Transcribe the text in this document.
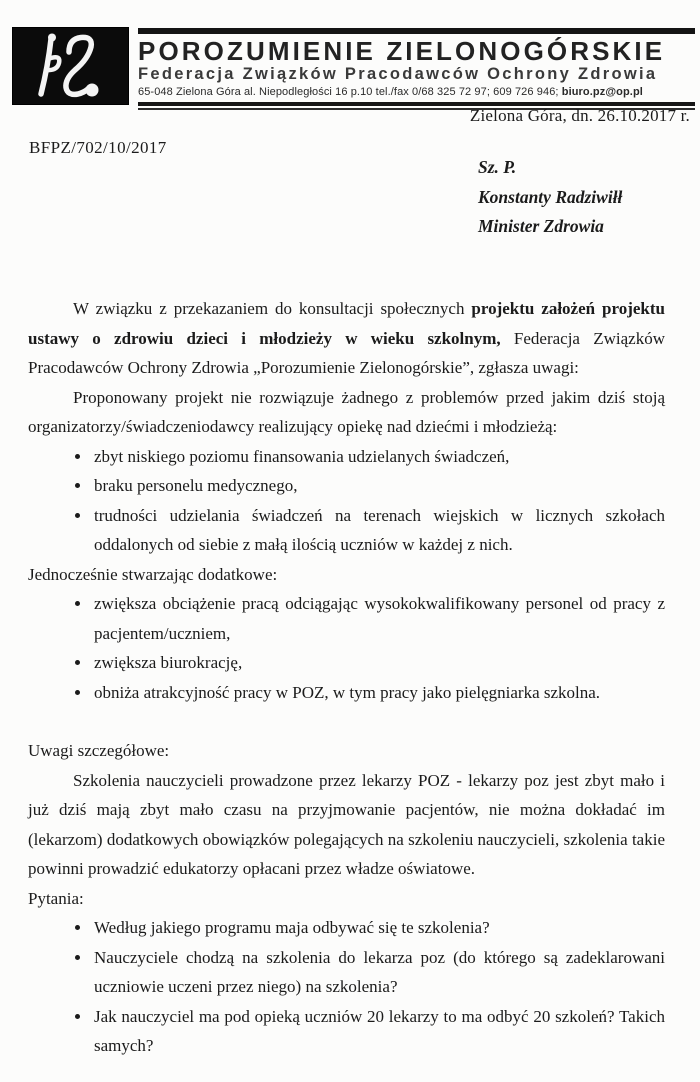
POROZUMIENIE ZIELONOGÓRSKIE
Federacja Związków Pracodawców Ochrony Zdrowia
65-048 Zielona Góra al. Niepodległości 16 p.10 tel./fax 0/68 325 72 97; 609 726 946; biuro.pz@op.pl
Zielona Góra, dn. 26.10.2017 r.
BFPZ/702/10/2017
Sz. P.
Konstanty Radziwiłł
Minister Zdrowia

W związku z przekazaniem do konsultacji społecznych projektu założeń projektu ustawy o zdrowiu dzieci i młodzieży w wieku szkolnym, Federacja Związków Pracodawców Ochrony Zdrowia „Porozumienie Zielonogórskie”, zgłasza uwagi:

Proponowany projekt nie rozwiązuje żadnego z problemów przed jakim dziś stoją organizatorzy/świadczeniodawcy realizujący opiekę nad dziećmi i młodzieżą:

• zbyt niskiego poziomu finansowania udzielanych świadczeń,
• braku personelu medycznego,
• trudności udzielania świadczeń na terenach wiejskich w licznych szkołach oddalonych od siebie z małą ilością uczniów w każdej z nich.

Jednocześnie stwarzając dodatkowe:

• zwiększa obciążenie pracą odciągając wysokokwalifikowany personel od pracy z pacjentem/uczniem,
• zwiększa biurokrację,
• obniża atrakcyjność pracy w POZ, w tym pracy jako pielęgniarka szkolna.

Uwagi szczegółowe:

Szkolenia nauczycieli prowadzone przez lekarzy POZ - lekarzy poz jest zbyt mało i już dziś mają zbyt mało czasu na przyjmowanie pacjentów, nie można dokładać im (lekarzom) dodatkowych obowiązków polegających na szkoleniu nauczycieli, szkolenia takie powinni prowadzić edukatorzy opłacani przez władze oświatowe.

Pytania:

• Według jakiego programu maja odbywać się te szkolenia?
• Nauczyciele chodzą na szkolenia do lekarza poz (do którego są zadeklarowani uczniowie uczeni przez niego) na szkolenia?
• Jak nauczyciel ma pod opieką uczniów 20 lekarzy to ma odbyć 20 szkoleń? Takich samych?
